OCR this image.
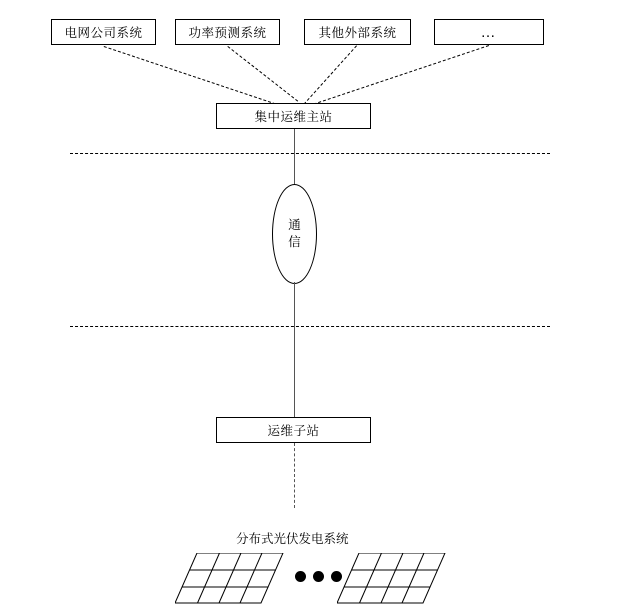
电网公司系统	功率预测系统	其他外部系统	…
集中运维主站
通
信
运维子站
分布式光伏发电系统
